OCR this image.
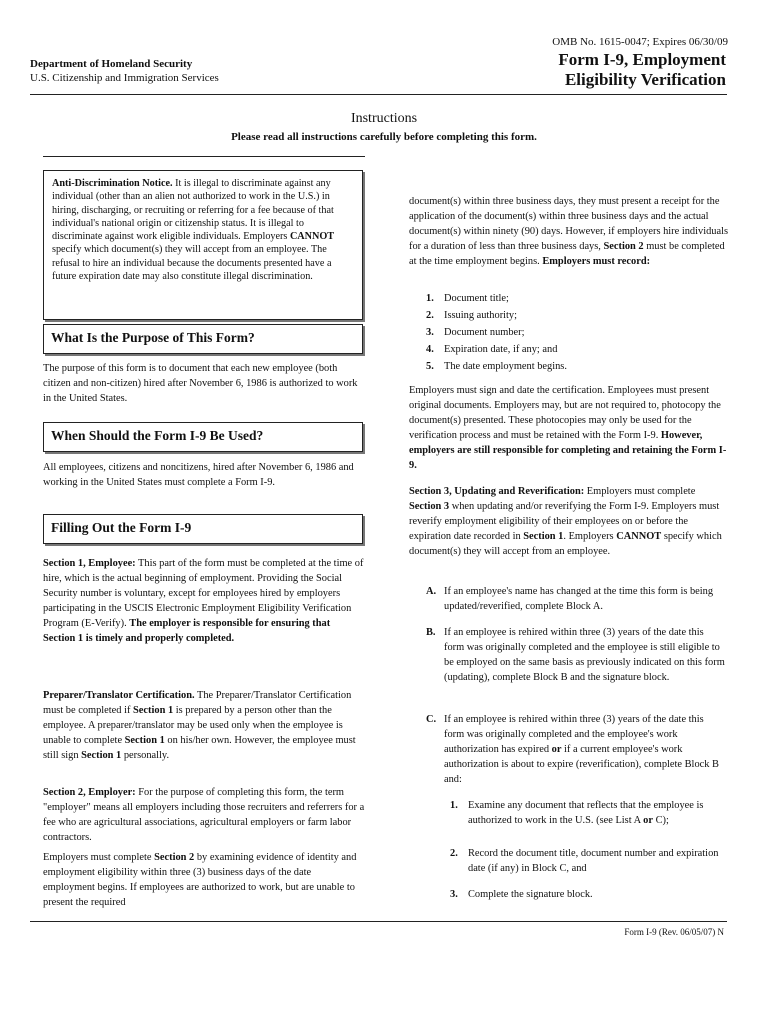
Department of Homeland Security
U.S. Citizenship and Immigration Services
OMB No. 1615-0047; Expires 06/30/09
Form I-9, Employment
Eligibility Verification
Instructions
Please read all instructions carefully before completing this form.

Anti-Discrimination Notice. It is illegal to discriminate against any individual (other than an alien not authorized to work in the U.S.) in hiring, discharging, or recruiting or referring for a fee because of that individual's national origin or citizenship status. It is illegal to discriminate against work eligible individuals. Employers CANNOT specify which document(s) they will accept from an employee. The refusal to hire an individual because the documents presented have a future expiration date may also constitute illegal discrimination.

What Is the Purpose of This Form?

The purpose of this form is to document that each new employee (both citizen and non-citizen) hired after November 6, 1986 is authorized to work in the United States.

When Should the Form I-9 Be Used?

All employees, citizens and noncitizens, hired after November 6, 1986 and working in the United States must complete a Form I-9.

Filling Out the Form I-9

Section 1, Employee: This part of the form must be completed at the time of hire, which is the actual beginning of employment. Providing the Social Security number is voluntary, except for employees hired by employers participating in the USCIS Electronic Employment Eligibility Verification Program (E-Verify). The employer is responsible for ensuring that Section 1 is timely and properly completed.

Preparer/Translator Certification. The Preparer/Translator Certification must be completed if Section 1 is prepared by a person other than the employee. A preparer/translator may be used only when the employee is unable to complete Section 1 on his/her own. However, the employee must still sign Section 1 personally.

Section 2, Employer: For the purpose of completing this form, the term "employer" means all employers including those recruiters and referrers for a fee who are agricultural associations, agricultural employers or farm labor contractors.

Employers must complete Section 2 by examining evidence of identity and employment eligibility within three (3) business days of the date employment begins. If employees are authorized to work, but are unable to present the required

document(s) within three business days, they must present a receipt for the application of the document(s) within three business days and the actual document(s) within ninety (90) days. However, if employers hire individuals for a duration of less than three business days, Section 2 must be completed at the time employment begins. Employers must record:

1. Document title;
2. Issuing authority;
3. Document number;
4. Expiration date, if any; and
5. The date employment begins.

Employers must sign and date the certification. Employees must present original documents. Employers may, but are not required to, photocopy the document(s) presented. These photocopies may only be used for the verification process and must be retained with the Form I-9. However, employers are still responsible for completing and retaining the Form I-9.

Section 3, Updating and Reverification: Employers must complete Section 3 when updating and/or reverifying the Form I-9. Employers must reverify employment eligibility of their employees on or before the expiration date recorded in Section 1. Employers CANNOT specify which document(s) they will accept from an employee.

A. If an employee's name has changed at the time this form is being updated/reverified, complete Block A.

B. If an employee is rehired within three (3) years of the date this form was originally completed and the employee is still eligible to be employed on the same basis as previously indicated on this form (updating), complete Block B and the signature block.

C. If an employee is rehired within three (3) years of the date this form was originally completed and the employee's work authorization has expired or if a current employee's work authorization is about to expire (reverification), complete Block B and:

1. Examine any document that reflects that the employee is authorized to work in the U.S. (see List A or C);

2. Record the document title, document number and expiration date (if any) in Block C, and

3. Complete the signature block.

Form I-9 (Rev. 06/05/07) N
